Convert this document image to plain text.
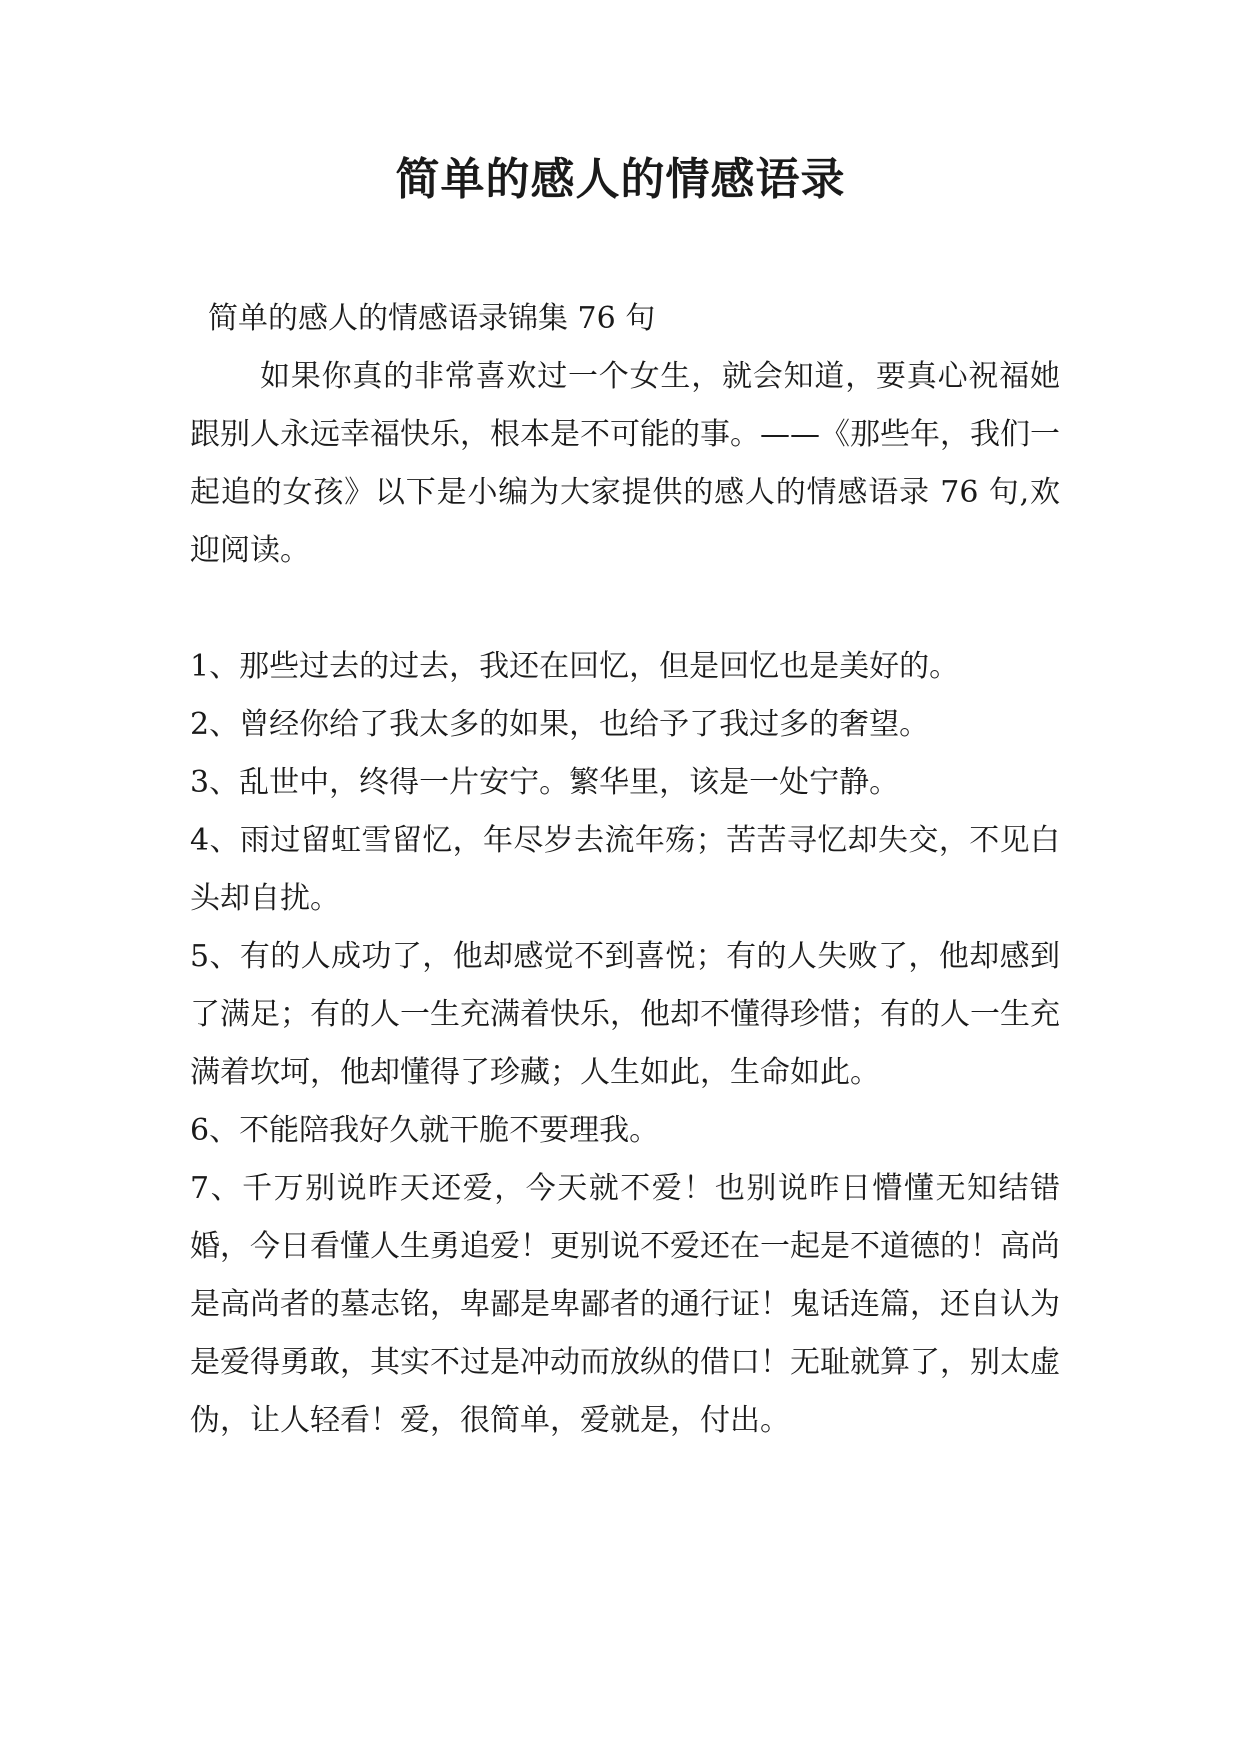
简单的感人的情感语录

简单的感人的情感语录锦集 76 句

如果你真的非常喜欢过一个女生，就会知道，要真心祝福她跟别人永远幸福快乐，根本是不可能的事。——《那些年，我们一起追的女孩》以下是小编为大家提供的感人的情感语录 76 句,欢迎阅读。

1、那些过去的过去，我还在回忆，但是回忆也是美好的。
2、曾经你给了我太多的如果，也给予了我过多的奢望。
3、乱世中，终得一片安宁。繁华里，该是一处宁静。
4、雨过留虹雪留忆，年尽岁去流年殇；苦苦寻忆却失交，不见白头却自扰。
5、有的人成功了，他却感觉不到喜悦；有的人失败了，他却感到了满足；有的人一生充满着快乐，他却不懂得珍惜；有的人一生充满着坎坷，他却懂得了珍藏；人生如此，生命如此。
6、不能陪我好久就干脆不要理我。
7、千万别说昨天还爱，今天就不爱！也别说昨日懵懂无知结错婚，今日看懂人生勇追爱！更别说不爱还在一起是不道德的！高尚是高尚者的墓志铭，卑鄙是卑鄙者的通行证！鬼话连篇，还自认为是爱得勇敢，其实不过是冲动而放纵的借口！无耻就算了，别太虚伪，让人轻看！爱，很简单，爱就是，付出。
